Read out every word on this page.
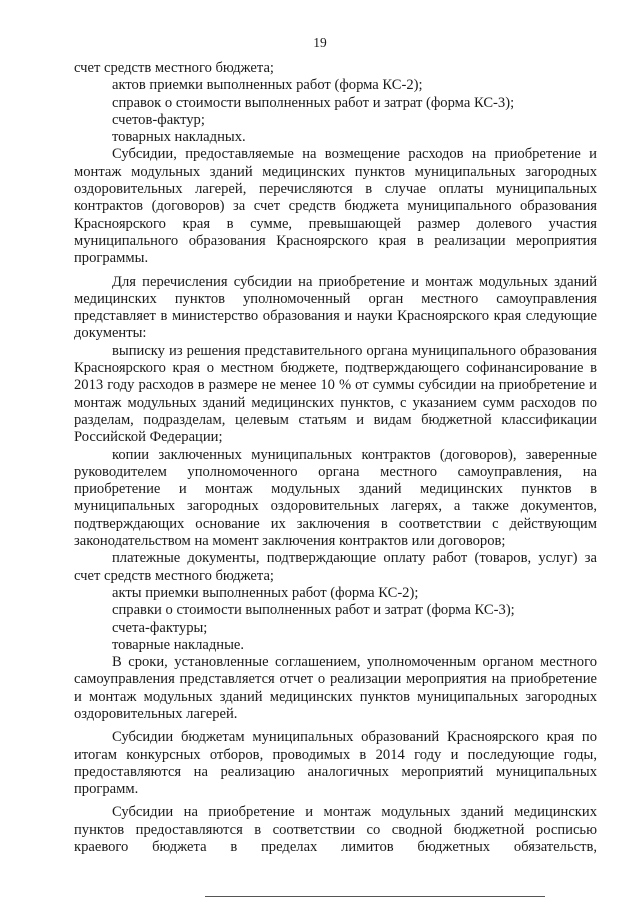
19

счет средств местного бюджета;

актов приемки выполненных работ (форма КС-2);

справок о стоимости выполненных работ и затрат (форма КС-3);

счетов-фактур;

товарных накладных.

Субсидии, предоставляемые на возмещение расходов на приобретение и монтаж модульных зданий медицинских пунктов муниципальных загородных оздоровительных лагерей, перечисляются в случае оплаты муниципальных контрактов (договоров) за счет средств бюджета муниципального образования Красноярского края в сумме, превышающей размер долевого участия муниципального образования Красноярского края в реализации мероприятия программы.

Для перечисления субсидии на приобретение и монтаж модульных зданий медицинских пунктов уполномоченный орган местного самоуправления представляет в министерство образования и науки Красноярского края следующие документы:

выписку из решения представительного органа муниципального образования Красноярского края о местном бюджете, подтверждающего софинансирование в 2013 году расходов в размере не менее 10 % от суммы субсидии на приобретение и монтаж модульных зданий медицинских пунктов, с указанием сумм расходов по разделам, подразделам, целевым статьям и видам бюджетной классификации Российской Федерации;

копии заключенных муниципальных контрактов (договоров), заверенные руководителем уполномоченного органа местного самоуправления, на приобретение и монтаж модульных зданий медицинских пунктов в муниципальных загородных оздоровительных лагерях, а также документов, подтверждающих основание их заключения в соответствии с действующим законодательством на момент заключения контрактов или договоров;

платежные документы, подтверждающие оплату работ (товаров, услуг) за счет средств местного бюджета;

акты приемки выполненных работ (форма КС-2);

справки о стоимости выполненных работ и затрат (форма КС-3);

счета-фактуры;

товарные накладные.

В сроки, установленные соглашением, уполномоченным органом местного самоуправления представляется отчет о реализации мероприятия на приобретение и монтаж модульных зданий медицинских пунктов муниципальных загородных оздоровительных лагерей.

Субсидии бюджетам муниципальных образований Красноярского края по итогам конкурсных отборов, проводимых в 2014 году и последующие годы, предоставляются на реализацию аналогичных мероприятий муниципальных программ.

Субсидии на приобретение и монтаж модульных зданий медицинских пунктов предоставляются в соответствии со сводной бюджетной росписью краевого бюджета в пределах лимитов бюджетных обязательств,
